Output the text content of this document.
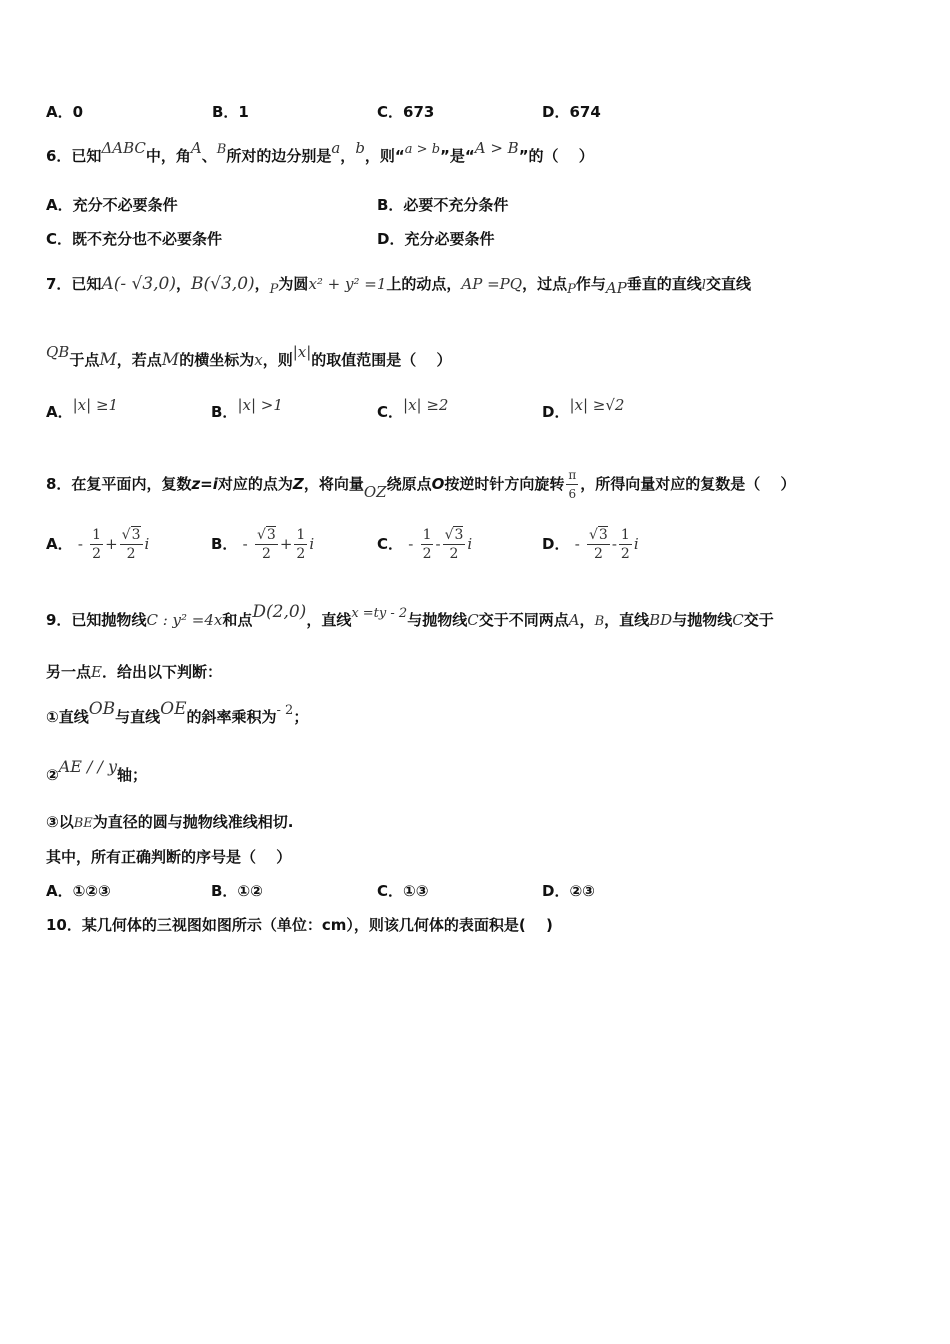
A．0	B．1	C．673	D．674
6．已知ΔABC中，角A、B所对的边分别是a，b，则“a > b”是“A > B”的（　 ）
A．充分不必要条件	B．必要不充分条件
C．既不充分也不必要条件	D．充分必要条件
7．已知A(- √3,0)，B(√3,0)，P为圆x² + y² =1上的动点，AP =PQ，过点P作与AP垂直的直线l交直线
QB于点M，若点M的横坐标为x，则|x|的取值范围是（　 ）
A．|x| ≥1	B．|x| >1	C．|x| ≥2	D．|x| ≥√2
8．在复平面内，复数z=i对应的点为Z，将向量OZ绕原点O按逆时针方向旋转 $\frac{\pi}{6}$ ，所得向量对应的复数是（　 ）
A． - $\frac{1}{2} + \frac{√3}{2}$ i	B． - $\frac{√3}{2} + \frac{1}{2}$ i	C． - $\frac{1}{2} - \frac{√3}{2}$ i	D． - $\frac{√3}{2} - \frac{1}{2}$ i
9．已知抛物线C : y² =4x和点D(2,0)，直线x =ty - 2与抛物线C交于不同两点A，B，直线BD与抛物线C交于
另一点E．给出以下判断：
①直线OB与直线OE的斜率乘积为- 2；
②AE / / y轴；
③以BE为直径的圆与抛物线准线相切.
其中，所有正确判断的序号是（　 ）
A．①②③	B．①②	C．①③	D．②③
10．某几何体的三视图如图所示（单位：cm），则该几何体的表面积是(　 )
